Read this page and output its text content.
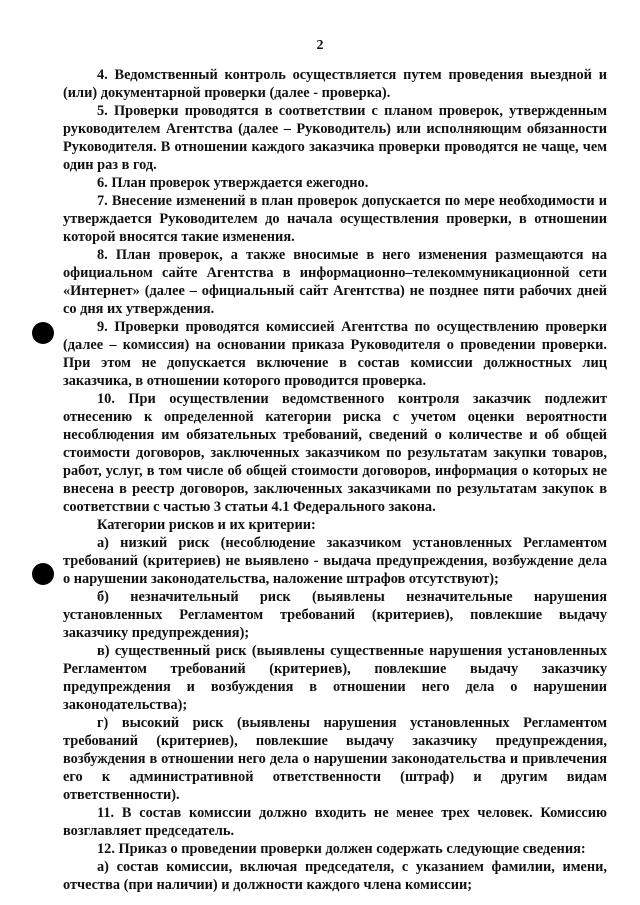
2

4. Ведомственный контроль осуществляется путем проведения выездной и (или) документарной проверки (далее - проверка).

5. Проверки проводятся в соответствии с планом проверок, утвержденным руководителем Агентства (далее – Руководитель) или исполняющим обязанности Руководителя. В отношении каждого заказчика проверки проводятся не чаще, чем один раз в год.

6. План проверок утверждается ежегодно.

7. Внесение изменений в план проверок допускается по мере необходимости и утверждается Руководителем до начала осуществления проверки, в отношении которой вносятся такие изменения.

8. План проверок, а также вносимые в него изменения размещаются на официальном сайте Агентства в информационно–телекоммуникационной сети «Интернет» (далее – официальный сайт Агентства) не позднее пяти рабочих дней со дня их утверждения.

9. Проверки проводятся комиссией Агентства по осуществлению проверки (далее – комиссия) на основании приказа Руководителя о проведении проверки. При этом не допускается включение в состав комиссии должностных лиц заказчика, в отношении которого проводится проверка.

10. При осуществлении ведомственного контроля заказчик подлежит отнесению к определенной категории риска с учетом оценки вероятности несоблюдения им обязательных требований, сведений о количестве и об общей стоимости договоров, заключенных заказчиком по результатам закупки товаров, работ, услуг, в том числе об общей стоимости договоров, информация о которых не внесена в реестр договоров, заключенных заказчиками по результатам закупок в соответствии с частью 3 статьи 4.1 Федерального закона.

Категории рисков и их критерии:

а) низкий риск (несоблюдение заказчиком установленных Регламентом требований (критериев) не выявлено - выдача предупреждения, возбуждение дела о нарушении законодательства, наложение штрафов отсутствуют);

б) незначительный риск (выявлены незначительные нарушения установленных Регламентом требований (критериев), повлекшие выдачу заказчику предупреждения);

в) существенный риск (выявлены существенные нарушения установленных Регламентом требований (критериев), повлекшие выдачу заказчику предупреждения и возбуждения в отношении него дела о нарушении законодательства);

г) высокий риск (выявлены нарушения установленных Регламентом требований (критериев), повлекшие выдачу заказчику предупреждения, возбуждения в отношении него дела о нарушении законодательства и привлечения его к административной ответственности (штраф) и другим видам ответственности).

11. В состав комиссии должно входить не менее трех человек. Комиссию возглавляет председатель.

12. Приказ о проведении проверки должен содержать следующие сведения:

а) состав комиссии, включая председателя, с указанием фамилии, имени, отчества (при наличии) и должности каждого члена комиссии;
